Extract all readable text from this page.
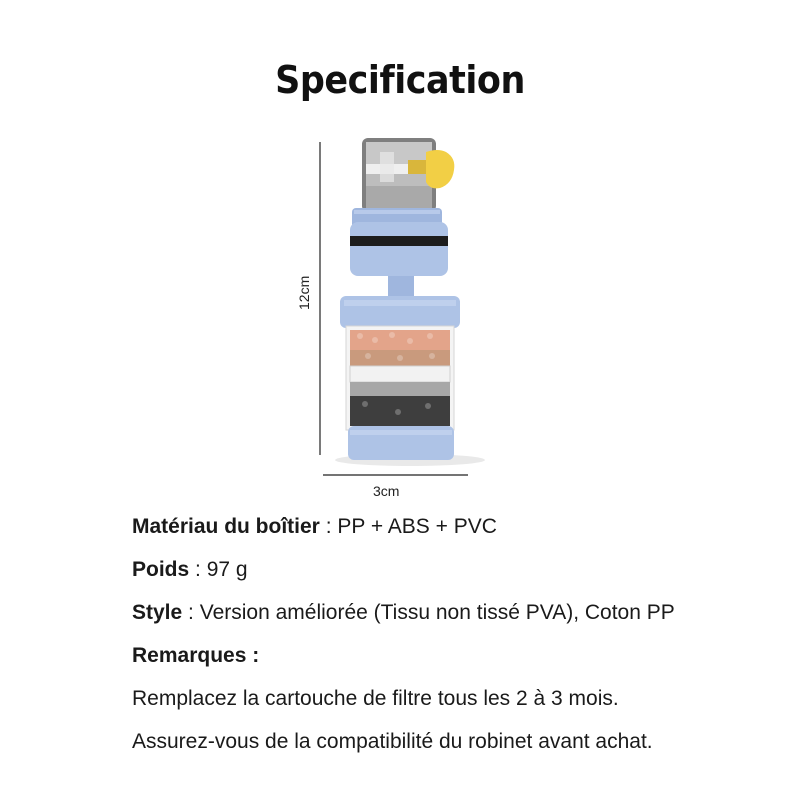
Specification
12cm
3cm
Matériau du boîtier : PP + ABS + PVC
Poids : 97 g
Style : Version améliorée (Tissu non tissé PVA), Coton PP
Remarques :
Remplacez la cartouche de filtre tous les 2 à 3 mois.
Assurez-vous de la compatibilité du robinet avant achat.
